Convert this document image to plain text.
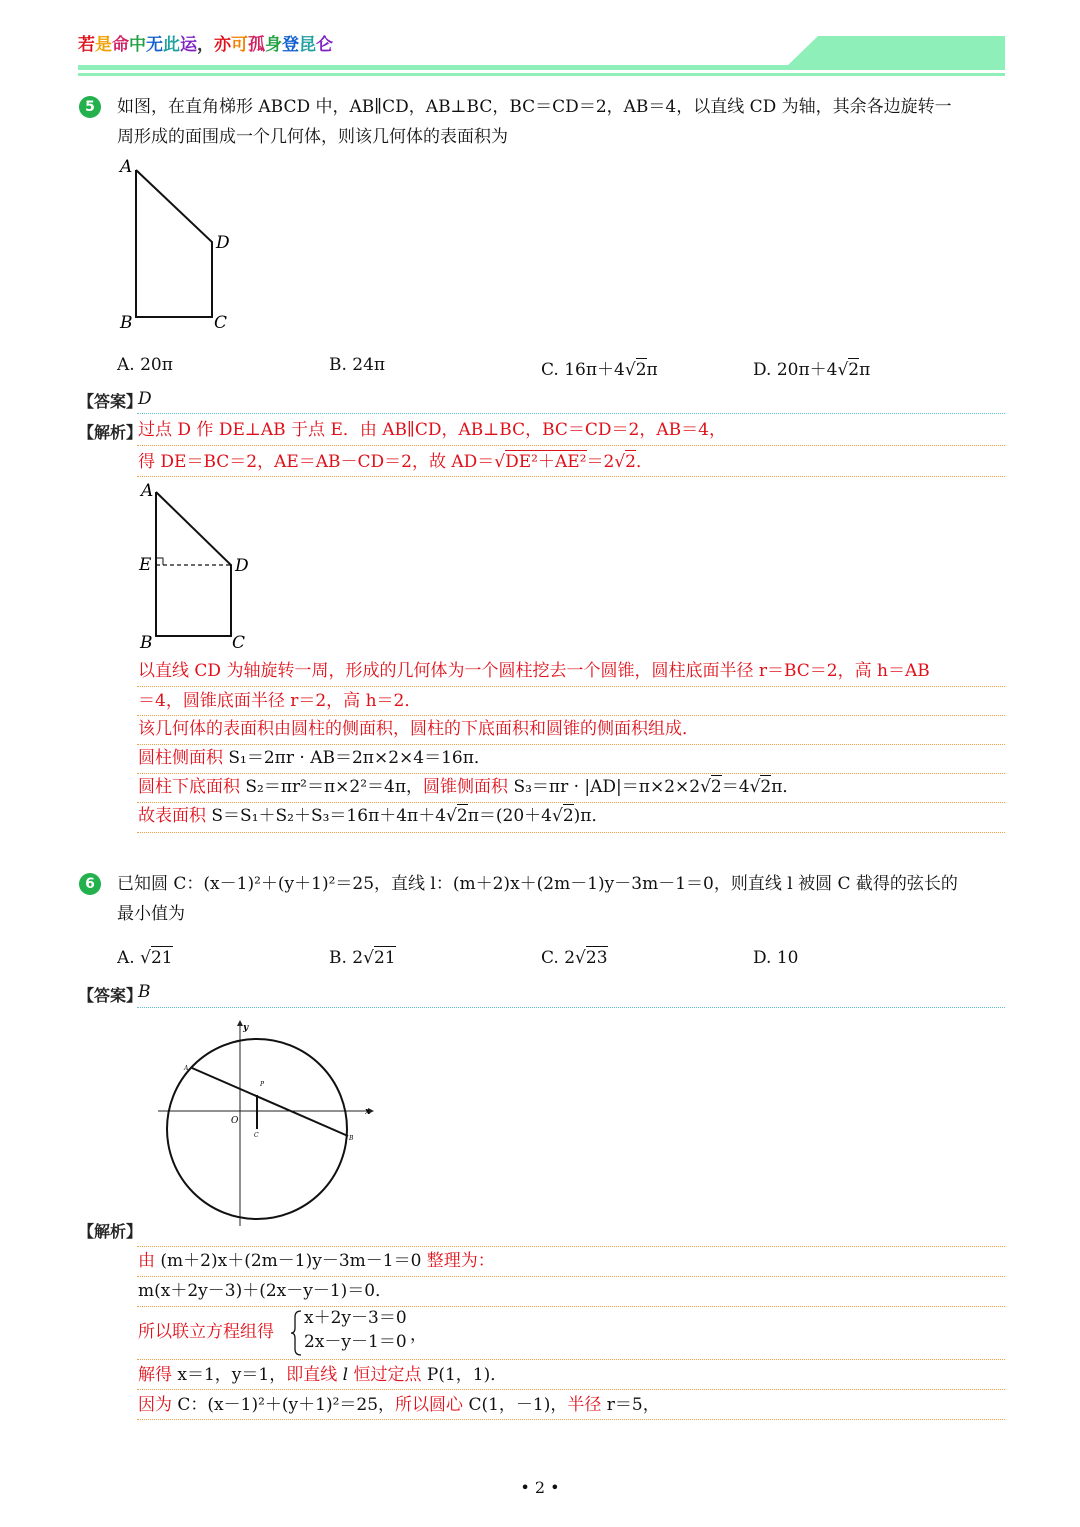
若是命中无此运，亦可孤身登昆仑
5	如图，在直角梯形 ABCD 中，AB∥CD，AB⊥BC，BC＝CD＝2，AB＝4，以直线 CD 为轴，其余各边旋转一
周形成的面围成一个几何体，则该几何体的表面积为
A
D
B	C
A. 20π	B. 24π	C. 16π＋4√2π	D. 20π＋4√2π
【答案】
D
【解析】
过点 D 作 DE⊥AB 于点 E．由 AB∥CD，AB⊥BC，BC＝CD＝2，AB＝4，
得 DE＝BC＝2，AE＝AB－CD＝2，故 AD＝√DE²＋AE²＝2√2．
A
E	D
B	C
以直线 CD 为轴旋转一周，形成的几何体为一个圆柱挖去一个圆锥，圆柱底面半径 r＝BC＝2，高 h＝AB
＝4，圆锥底面半径 r＝2，高 h＝2．
该几何体的表面积由圆柱的侧面积，圆柱的下底面积和圆锥的侧面积组成．
圆柱侧面积 S₁＝2πr · AB＝2π×2×4＝16π．
圆柱下底面积 S₂＝πr²＝π×2²＝4π，圆锥侧面积 S₃＝πr · |AD|＝π×2×2√2＝4√2π．
故表面积 S＝S₁＋S₂＋S₃＝16π＋4π＋4√2π＝(20＋4√2)π．
6	已知圆 C：(x－1)²＋(y＋1)²＝25，直线 l：(m＋2)x＋(2m－1)y－3m－1＝0，则直线 l 被圆 C 截得的弦长的
最小值为
A. √21	B. 2√21	C. 2√23	D. 10
【答案】
B
y
x
O
A
B
P
C
【解析】
由 (m＋2)x＋(2m－1)y－3m－1＝0 整理为：
m(x＋2y－3)＋(2x－y－1)＝0．
所以联立方程组得
x＋2y－3＝0
2x－y－1＝0 ，
解得 x＝1，y＝1，即直线 l 恒过定点 P(1，1)．
因为 C：(x－1)²＋(y＋1)²＝25，所以圆心 C(1，－1)，半径 r＝5，
• 2 •
